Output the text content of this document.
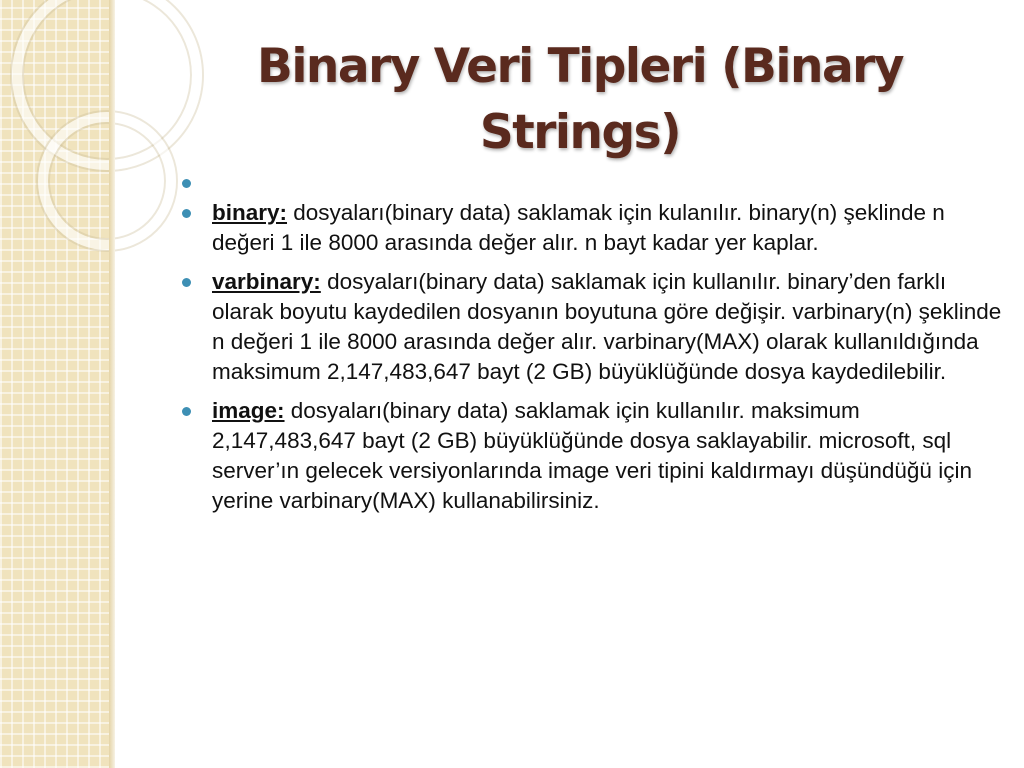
Binary Veri Tipleri (Binary Strings)
binary: dosyaları(binary data) saklamak için kulanılır. binary(n) şeklinde n değeri 1 ile 8000 arasında değer alır. n bayt kadar yer kaplar.
varbinary: dosyaları(binary data) saklamak için kullanılır. binary’den farklı olarak boyutu kaydedilen dosyanın boyutuna göre değişir. varbinary(n) şeklinde n değeri 1 ile 8000 arasında değer alır. varbinary(MAX) olarak kullanıldığında maksimum 2,147,483,647 bayt (2 GB) büyüklüğünde dosya kaydedilebilir.
image: dosyaları(binary data) saklamak için kullanılır. maksimum 2,147,483,647 bayt (2 GB) büyüklüğünde dosya saklayabilir. microsoft, sql server’ın gelecek versiyonlarında image veri tipini kaldırmayı düşündüğü için yerine varbinary(MAX) kullanabilirsiniz.
